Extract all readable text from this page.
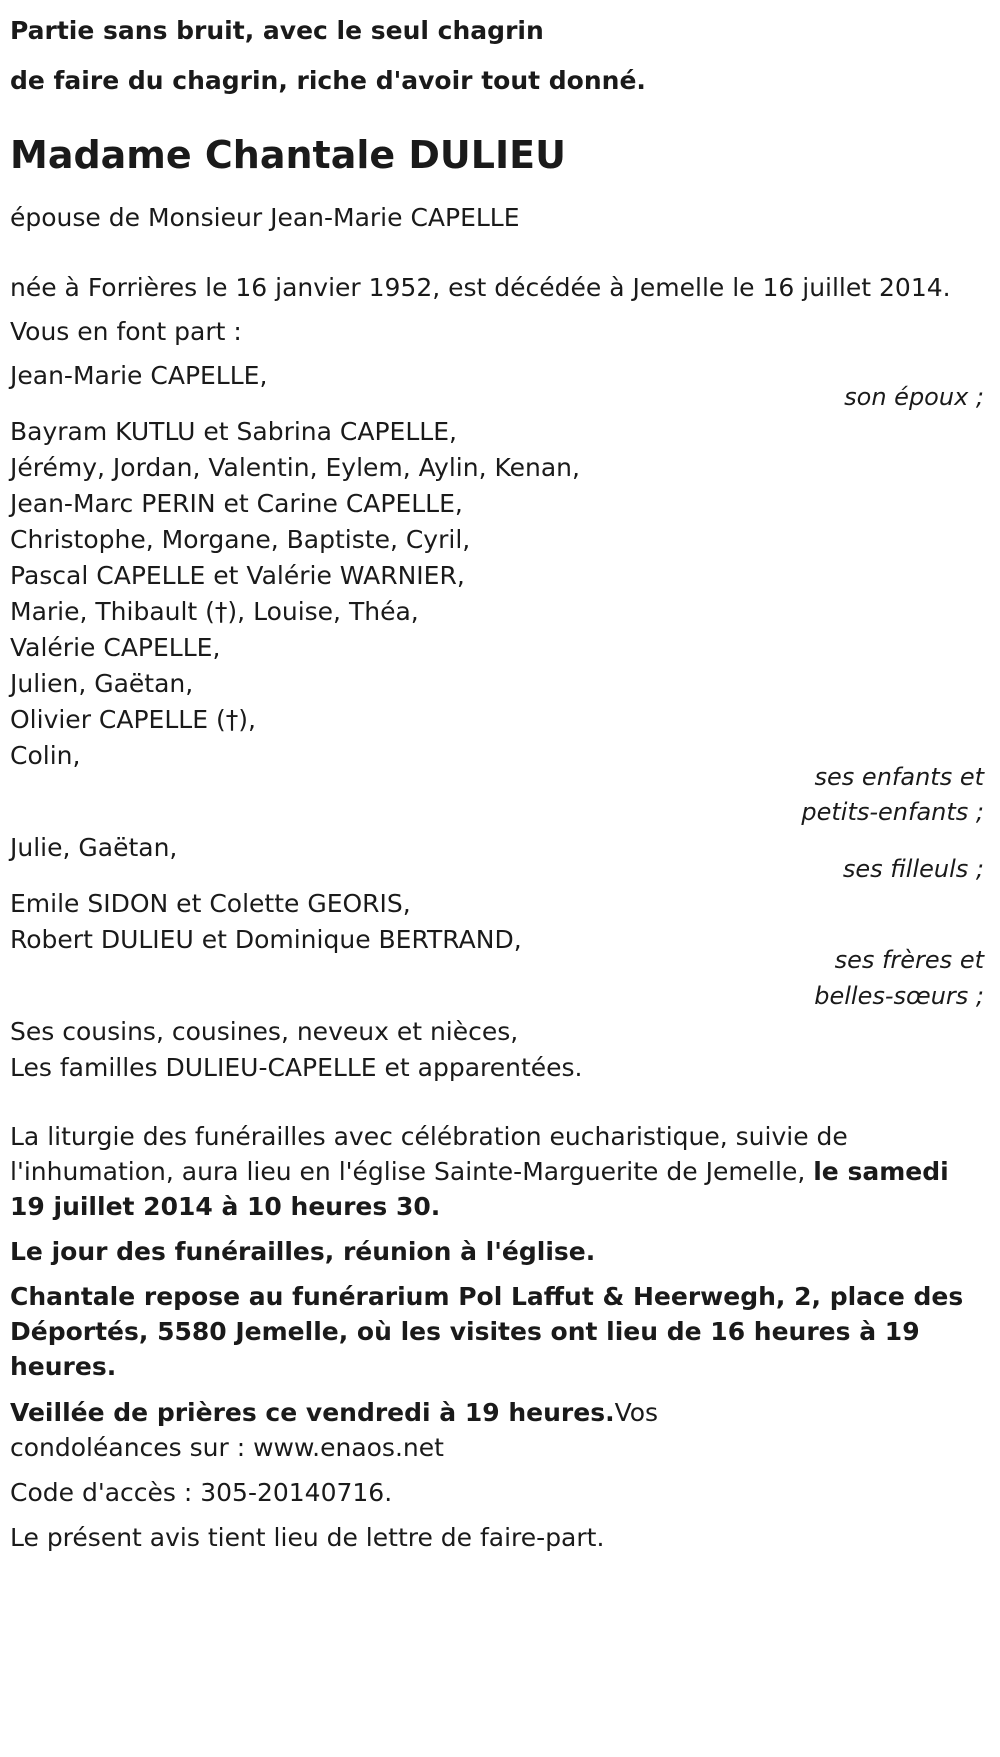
Partie sans bruit, avec le seul chagrin
de faire du chagrin, riche d'avoir tout donné.
Madame Chantale DULIEU
épouse de Monsieur Jean-Marie CAPELLE
née à Forrières le 16 janvier 1952, est décédée à Jemelle le 16 juillet 2014.
Vous en font part :
Jean-Marie CAPELLE,
son époux ;
Bayram KUTLU et Sabrina CAPELLE,
Jérémy, Jordan, Valentin, Eylem, Aylin, Kenan,
Jean-Marc PERIN et Carine CAPELLE,
Christophe, Morgane, Baptiste, Cyril,
Pascal CAPELLE et Valérie WARNIER,
Marie, Thibault (†), Louise, Théa,
Valérie CAPELLE,
Julien, Gaëtan,
Olivier CAPELLE (†),
Colin,
ses enfants et
petits-enfants ;
Julie, Gaëtan,
ses filleuls ;
Emile SIDON et Colette GEORIS,
Robert DULIEU et Dominique BERTRAND,
ses frères et
belles-sœurs ;
Ses cousins, cousines, neveux et nièces,
Les familles DULIEU-CAPELLE et apparentées.
La liturgie des funérailles avec célébration eucharistique, suivie de l'inhumation, aura lieu en l'église Sainte-Marguerite de Jemelle, le samedi 19 juillet 2014 à 10 heures 30.
Le jour des funérailles, réunion à l'église.
Chantale repose au funérarium Pol Laffut & Heerwegh, 2, place des Déportés, 5580 Jemelle, où les visites ont lieu de 16 heures à 19 heures.
Veillée de prières ce vendredi à 19 heures.Vos condoléances sur : www.enaos.net
Code d'accès : 305-20140716.
Le présent avis tient lieu de lettre de faire-part.
